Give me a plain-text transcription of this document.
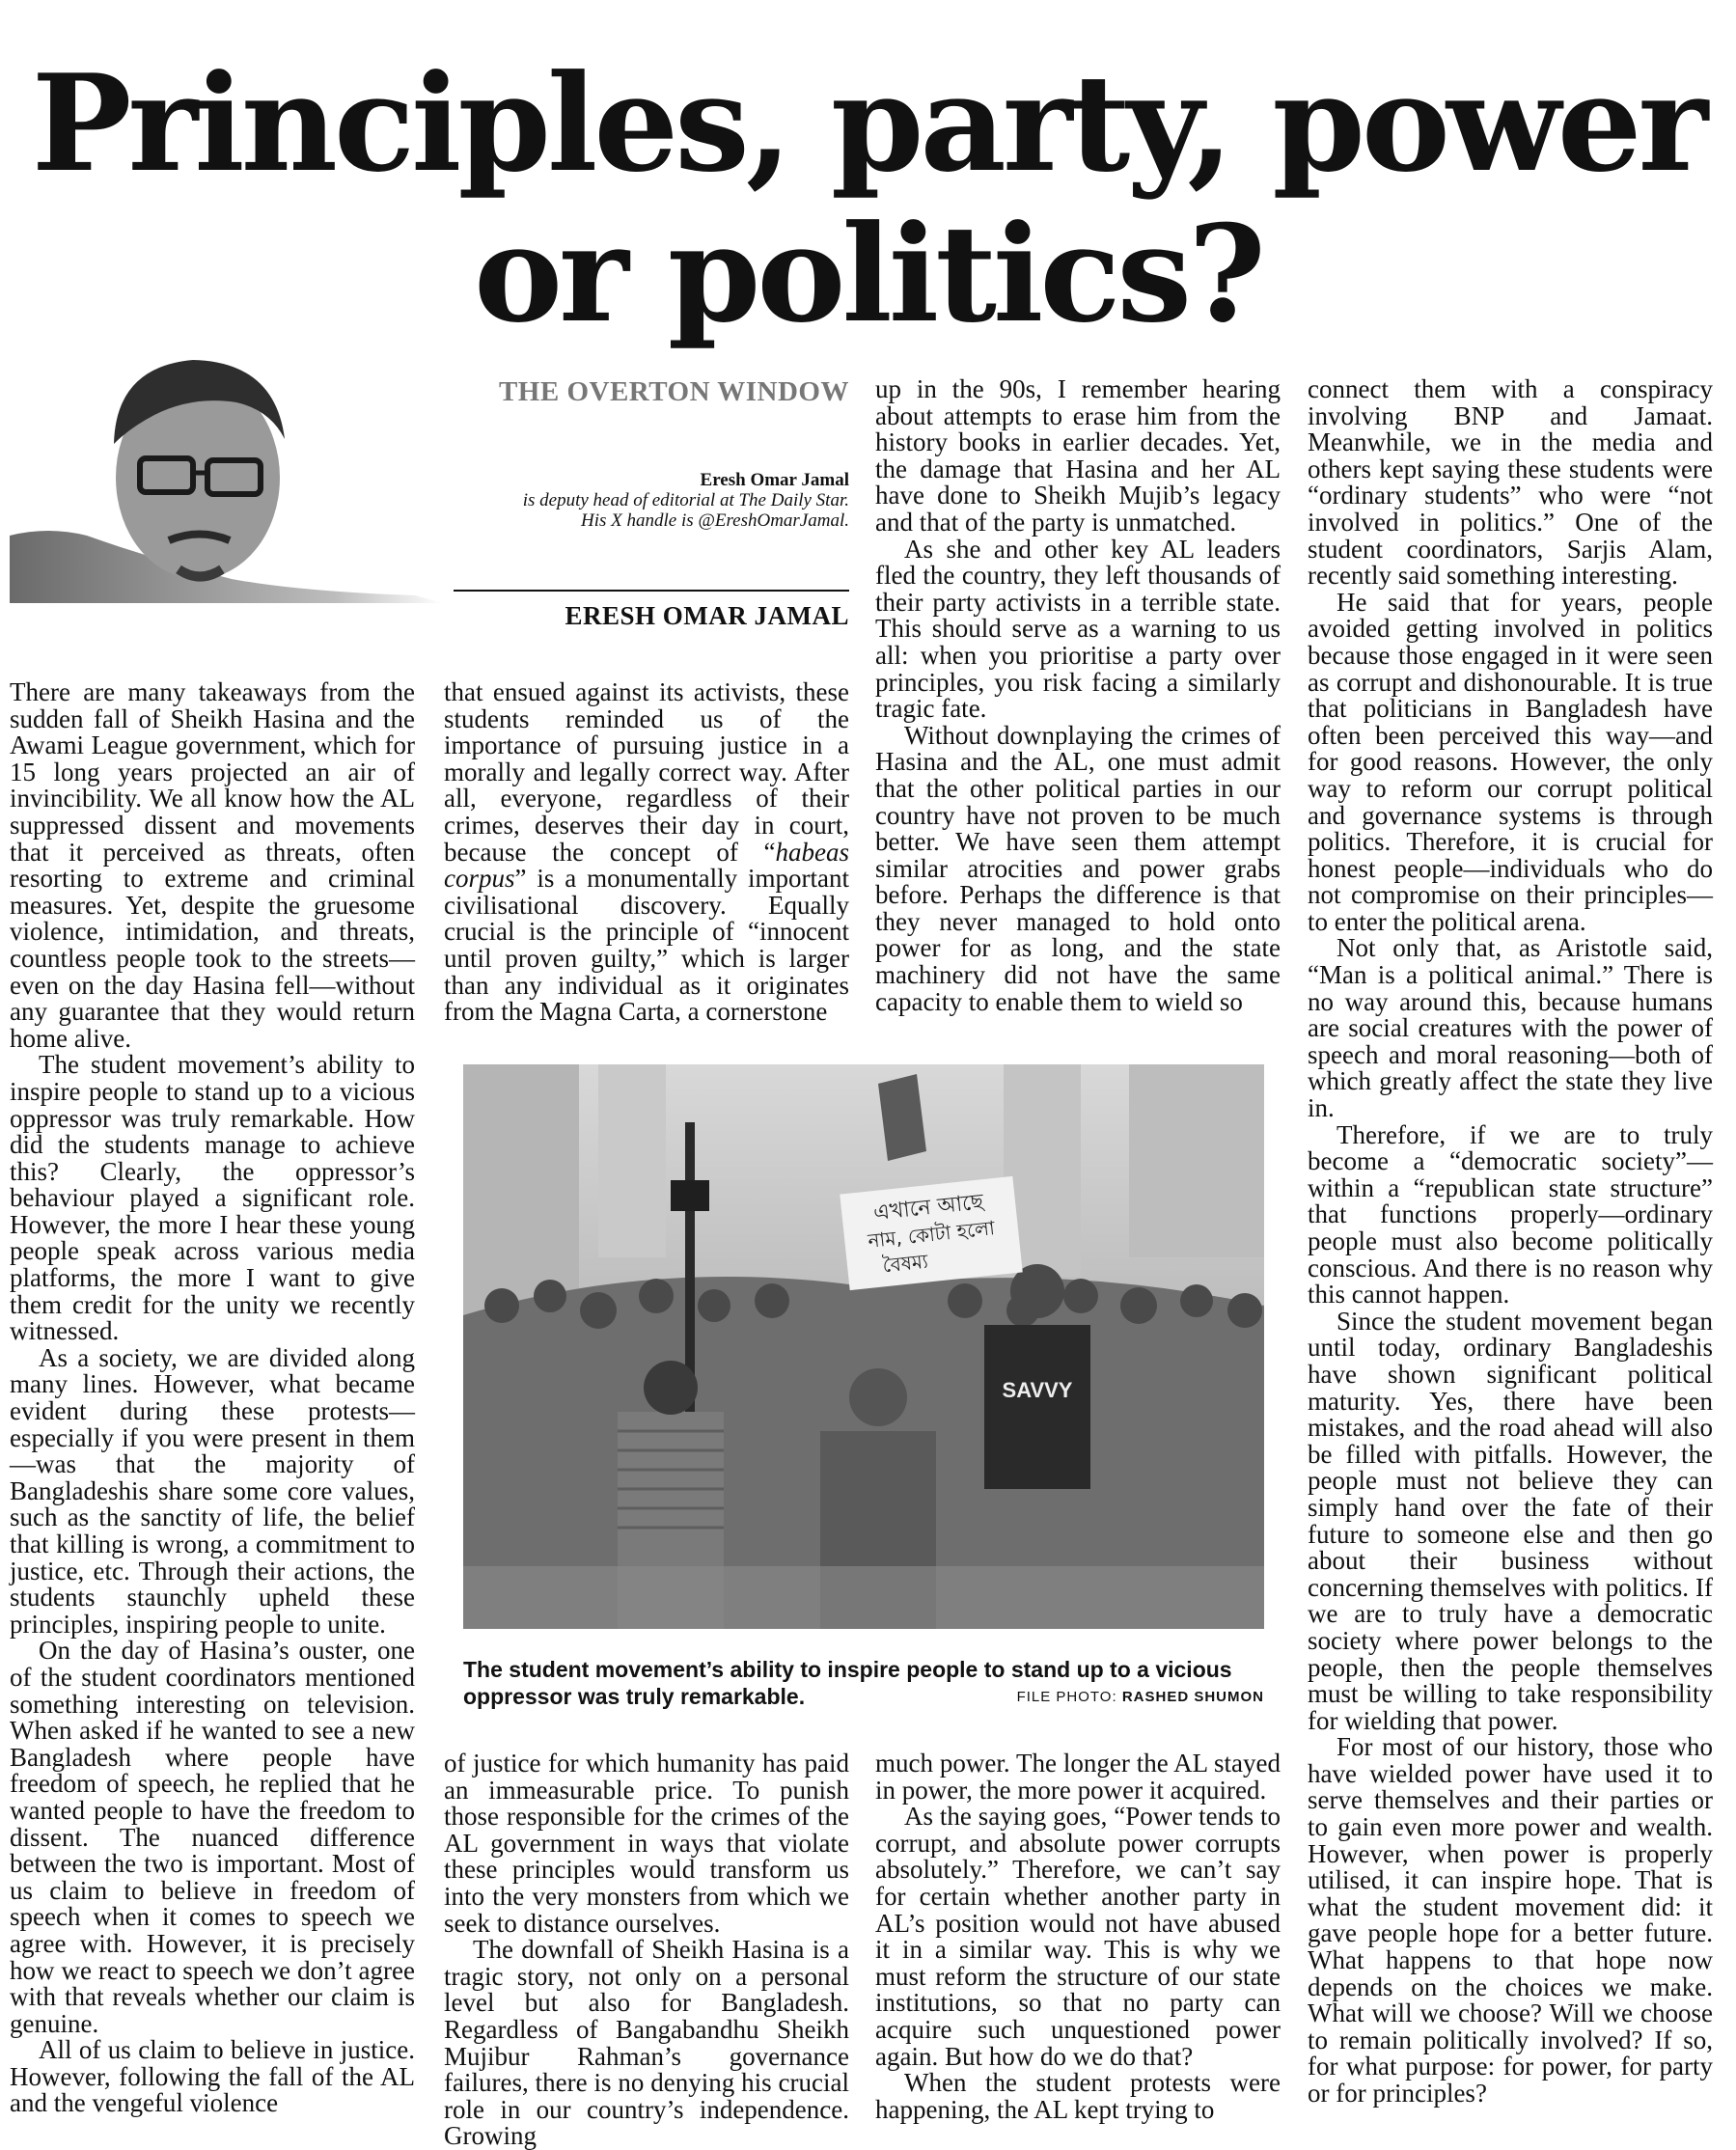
Principles, party, power
or politics?
THE OVERTON WINDOW
Eresh Omar Jamal
is deputy head of editorial at The Daily Star.
His X handle is @EreshOmarJamal.
ERESH OMAR JAMAL

There are many takeaways from the sudden fall of Sheikh Hasina and the Awami League government, which for 15 long years projected an air of invincibility. We all know how the AL suppressed dissent and movements that it perceived as threats, often resorting to extreme and criminal measures. Yet, despite the gruesome violence, intimidation, and threats, countless people took to the streets—even on the day Hasina fell—without any guarantee that they would return home alive.

The student movement’s ability to inspire people to stand up to a vicious oppressor was truly remarkable. How did the students manage to achieve this? Clearly, the oppressor’s behaviour played a significant role. However, the more I hear these young people speak across various media platforms, the more I want to give them credit for the unity we recently witnessed.

As a society, we are divided along many lines. However, what became evident during these protests—especially if you were present in them—was that the majority of Bangladeshis share some core values, such as the sanctity of life, the belief that killing is wrong, a commitment to justice, etc. Through their actions, the students staunchly upheld these principles, inspiring people to unite.

On the day of Hasina’s ouster, one of the student coordinators mentioned something interesting on television. When asked if he wanted to see a new Bangladesh where people have freedom of speech, he replied that he wanted people to have the freedom to dissent. The nuanced difference between the two is important. Most of us claim to believe in freedom of speech when it comes to speech we agree with. However, it is precisely how we react to speech we don’t agree with that reveals whether our claim is genuine.

All of us claim to believe in justice. However, following the fall of the AL and the vengeful violence

that ensued against its activists, these students reminded us of the importance of pursuing justice in a morally and legally correct way. After all, everyone, regardless of their crimes, deserves their day in court, because the concept of “habeas corpus” is a monumentally important civilisational discovery. Equally crucial is the principle of “innocent until proven guilty,” which is larger than any individual as it originates from the Magna Carta, a cornerstone

up in the 90s, I remember hearing about attempts to erase him from the history books in earlier decades. Yet, the damage that Hasina and her AL have done to Sheikh Mujib’s legacy and that of the party is unmatched.

As she and other key AL leaders fled the country, they left thousands of their party activists in a terrible state. This should serve as a warning to us all: when you prioritise a party over principles, you risk facing a similarly tragic fate.

Without downplaying the crimes of Hasina and the AL, one must admit that the other political parties in our country have not proven to be much better. We have seen them attempt similar atrocities and power grabs before. Perhaps the difference is that they never managed to hold onto power for as long, and the state machinery did not have the same capacity to enable them to wield so

SAVVY
এখানে আছে
নাম, কোটা হলো
বৈষম্য
The student movement’s ability to inspire people to stand up to a vicious oppressor was truly remarkable.	FILE PHOTO: RASHED SHUMON

of justice for which humanity has paid an immeasurable price. To punish those responsible for the crimes of the AL government in ways that violate these principles would transform us into the very monsters from which we seek to distance ourselves.

The downfall of Sheikh Hasina is a tragic story, not only on a personal level but also for Bangladesh. Regardless of Bangabandhu Sheikh Mujibur Rahman’s governance failures, there is no denying his crucial role in our country’s independence. Growing

much power. The longer the AL stayed in power, the more power it acquired.

As the saying goes, “Power tends to corrupt, and absolute power corrupts absolutely.” Therefore, we can’t say for certain whether another party in AL’s position would not have abused it in a similar way. This is why we must reform the structure of our state institutions, so that no party can acquire such unquestioned power again. But how do we do that?

When the student protests were happening, the AL kept trying to

connect them with a conspiracy involving BNP and Jamaat. Meanwhile, we in the media and others kept saying these students were “ordinary students” who were “not involved in politics.” One of the student coordinators, Sarjis Alam, recently said something interesting.

He said that for years, people avoided getting involved in politics because those engaged in it were seen as corrupt and dishonourable. It is true that politicians in Bangladesh have often been perceived this way—and for good reasons. However, the only way to reform our corrupt political and governance systems is through politics. Therefore, it is crucial for honest people—individuals who do not compromise on their principles—to enter the political arena.

Not only that, as Aristotle said, “Man is a political animal.” There is no way around this, because humans are social creatures with the power of speech and moral reasoning—both of which greatly affect the state they live in.

Therefore, if we are to truly become a “democratic society”—within a “republican state structure” that functions properly—ordinary people must also become politically conscious. And there is no reason why this cannot happen.

Since the student movement began until today, ordinary Bangladeshis have shown significant political maturity. Yes, there have been mistakes, and the road ahead will also be filled with pitfalls. However, the people must not believe they can simply hand over the fate of their future to someone else and then go about their business without concerning themselves with politics. If we are to truly have a democratic society where power belongs to the people, then the people themselves must be willing to take responsibility for wielding that power.

For most of our history, those who have wielded power have used it to serve themselves and their parties or to gain even more power and wealth. However, when power is properly utilised, it can inspire hope. That is what the student movement did: it gave people hope for a better future. What happens to that hope now depends on the choices we make. What will we choose? Will we choose to remain politically involved? If so, for what purpose: for power, for party or for principles?
